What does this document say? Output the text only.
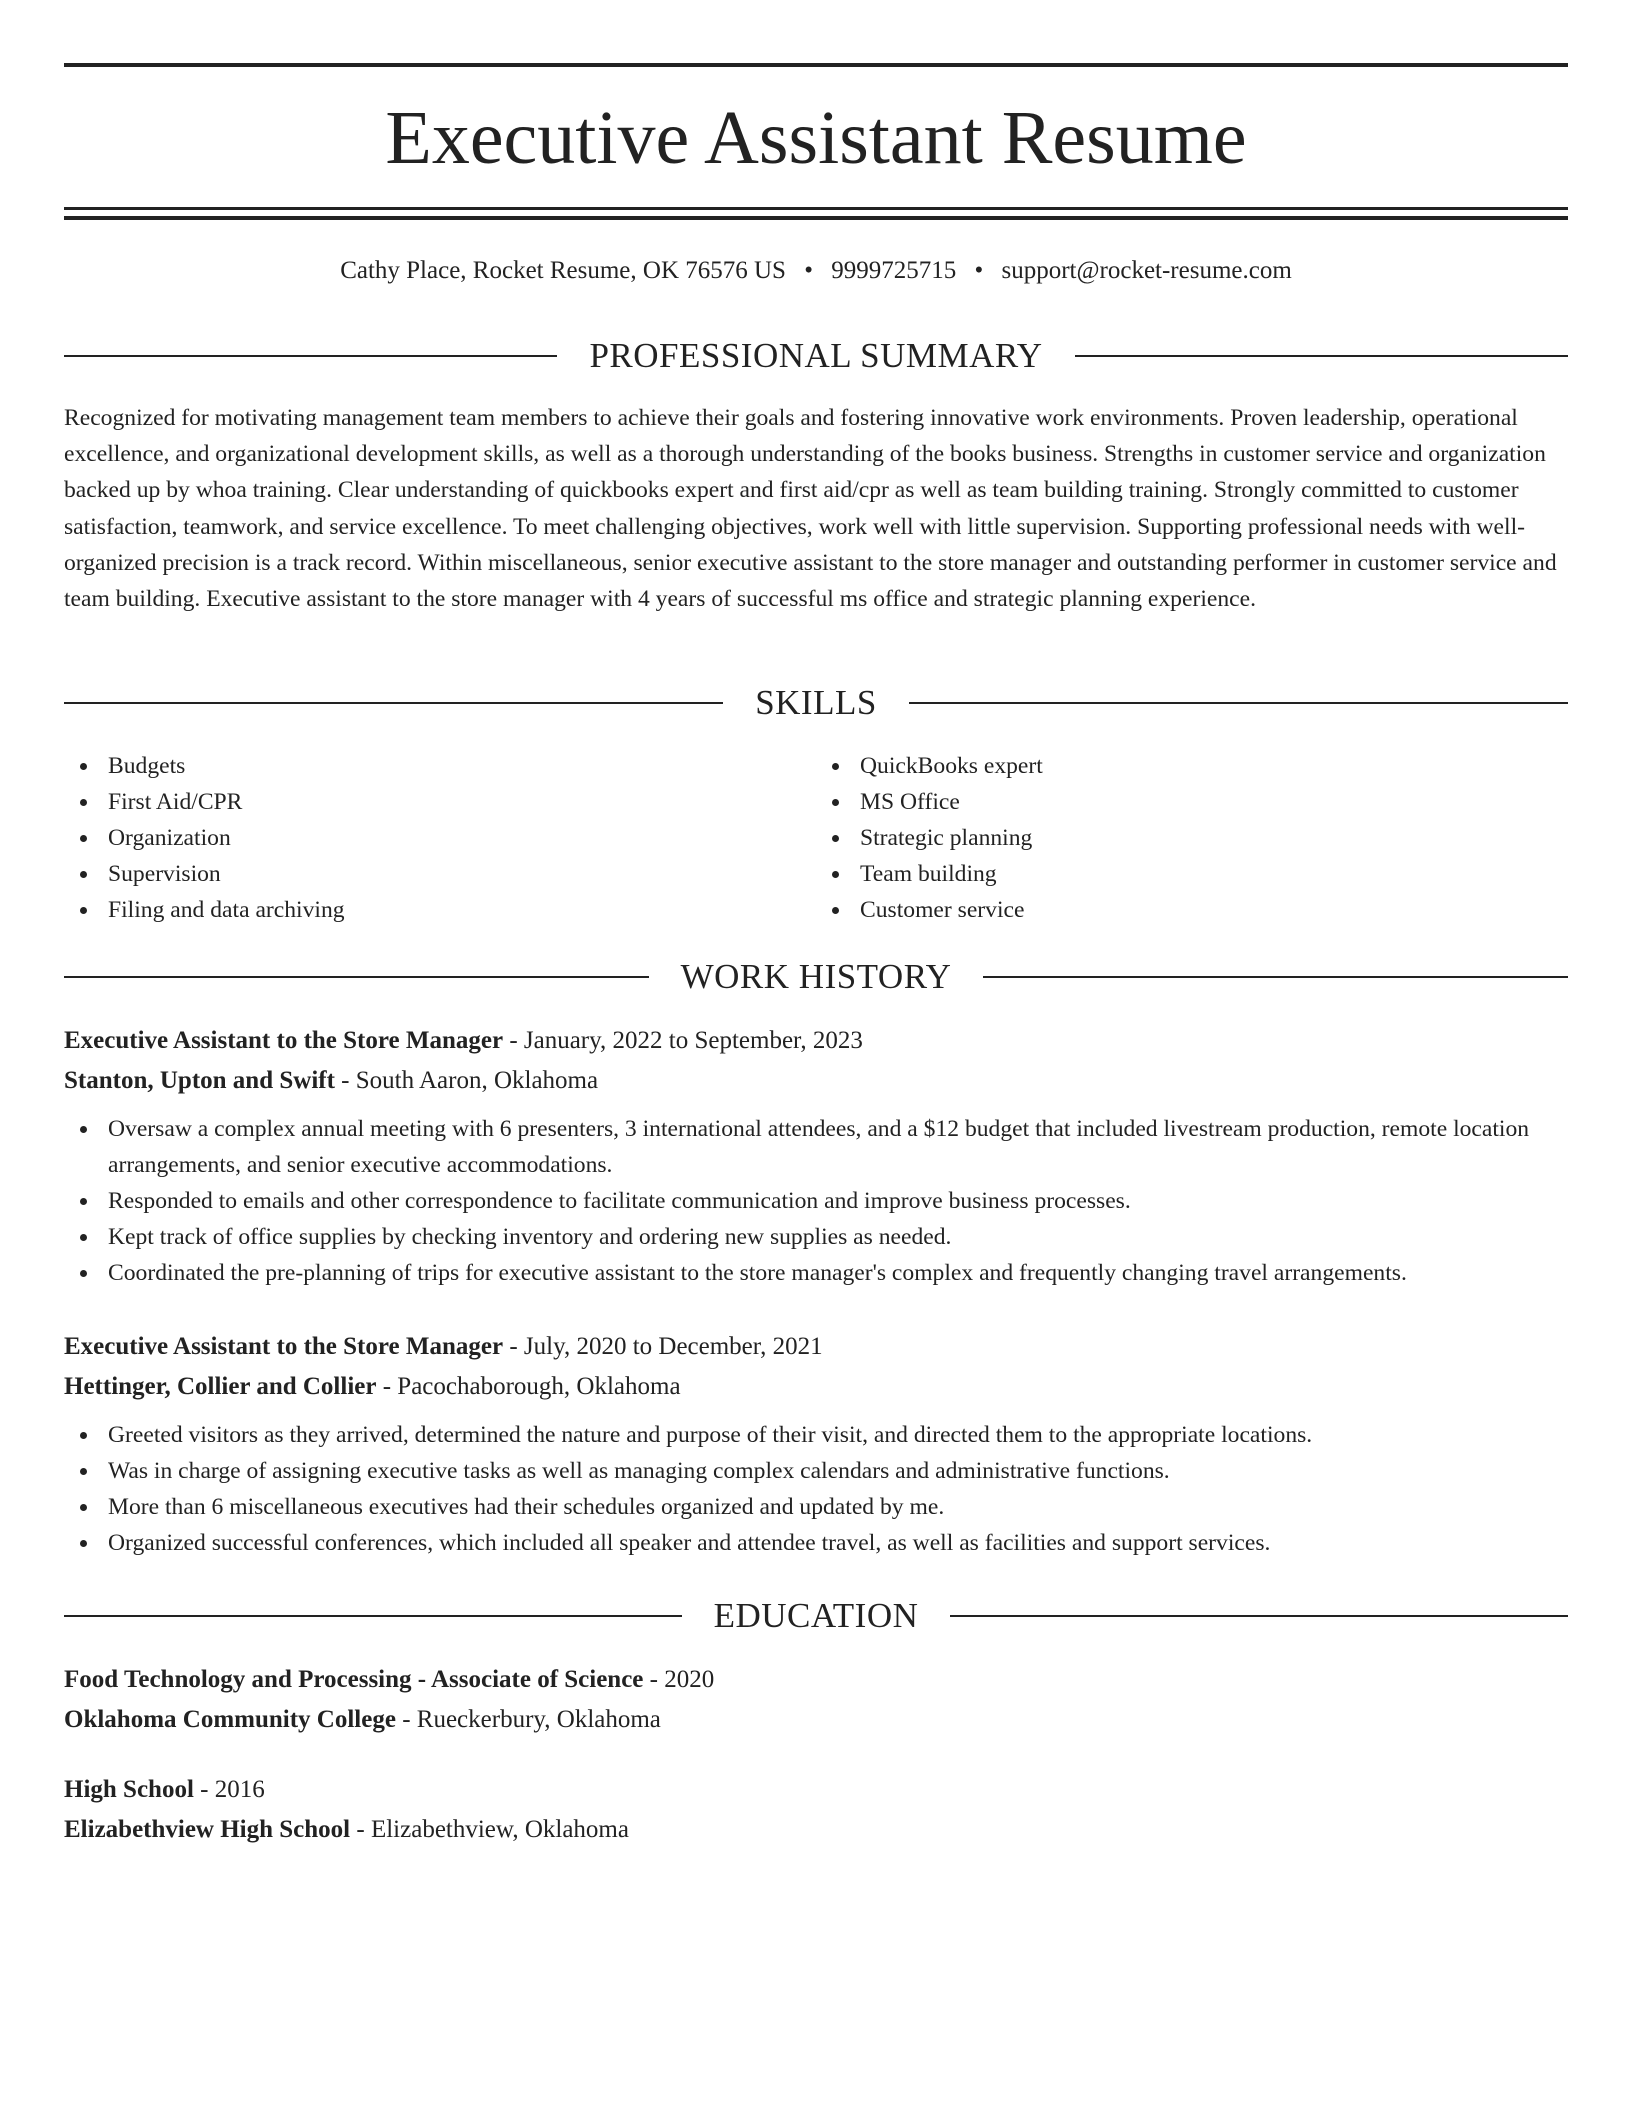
Executive Assistant Resume
Cathy Place, Rocket Resume, OK 76576 US • 9999725715 • support@rocket-resume.com
PROFESSIONAL SUMMARY

Recognized for motivating management team members to achieve their goals and fostering innovative work environments. Proven leadership, operational excellence, and organizational development skills, as well as a thorough understanding of the books business. Strengths in customer service and organization backed up by whoa training. Clear understanding of quickbooks expert and first aid/cpr as well as team building training. Strongly committed to customer satisfaction, teamwork, and service excellence. To meet challenging objectives, work well with little supervision. Supporting professional needs with well-organized precision is a track record. Within miscellaneous, senior executive assistant to the store manager and outstanding performer in customer service and team building. Executive assistant to the store manager with 4 years of successful ms office and strategic planning experience.

SKILLS
Budgets
First Aid/CPR
Organization
Supervision
Filing and data archiving
QuickBooks expert
MS Office
Strategic planning
Team building
Customer service
WORK HISTORY
Executive Assistant to the Store Manager - January, 2022 to September, 2023
Stanton, Upton and Swift - South Aaron, Oklahoma
Oversaw a complex annual meeting with 6 presenters, 3 international attendees, and a $12 budget that included livestream production, remote location arrangements, and senior executive accommodations.
Responded to emails and other correspondence to facilitate communication and improve business processes.
Kept track of office supplies by checking inventory and ordering new supplies as needed.
Coordinated the pre-planning of trips for executive assistant to the store manager's complex and frequently changing travel arrangements.
Executive Assistant to the Store Manager - July, 2020 to December, 2021
Hettinger, Collier and Collier - Pacochaborough, Oklahoma
Greeted visitors as they arrived, determined the nature and purpose of their visit, and directed them to the appropriate locations.
Was in charge of assigning executive tasks as well as managing complex calendars and administrative functions.
More than 6 miscellaneous executives had their schedules organized and updated by me.
Organized successful conferences, which included all speaker and attendee travel, as well as facilities and support services.
EDUCATION
Food Technology and Processing - Associate of Science - 2020
Oklahoma Community College - Rueckerbury, Oklahoma
High School - 2016
Elizabethview High School - Elizabethview, Oklahoma
